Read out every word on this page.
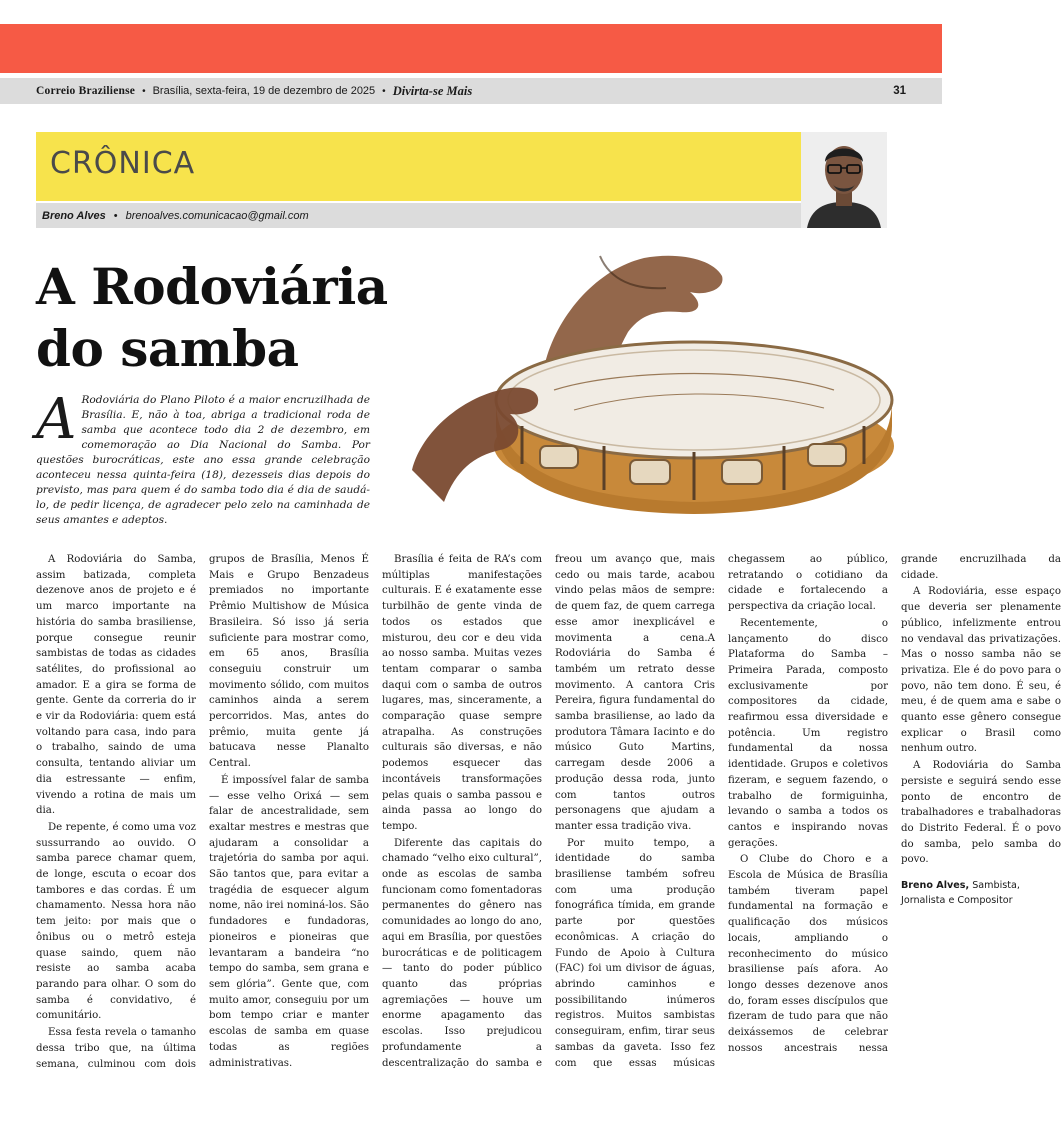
Correio Braziliense • Brasília, sexta-feira, 19 de dezembro de 2025 • Divirta-se Mais	31
CRÔNICA
Breno Alves • brenoalves.comunicacao@gmail.com
A Rodoviária do samba
A Rodoviária do Plano Piloto é a maior encruzilhada de Brasília. E, não à toa, abriga a tradicional roda de samba que acontece todo dia 2 de dezembro, em comemoração ao Dia Nacional do Samba. Por questões burocráticas, este ano essa grande celebração aconteceu nessa quinta-feira (18), dezesseis dias depois do previsto, mas para quem é do samba todo dia é dia de saudá-lo, de pedir licença, de agradecer pelo zelo na caminhada de seus amantes e adeptos.

A Rodoviária do Samba, assim batizada, completa dezenove anos de projeto e é um marco importante na história do samba brasiliense, porque consegue reunir sambistas de todas as cidades satélites, do profissional ao amador. E a gira se forma de gente. Gente da correria do ir e vir da Rodoviária: quem está voltando para casa, indo para o trabalho, saindo de uma consulta, tentando aliviar um dia estressante — enfim, vivendo a rotina de mais um dia.

De repente, é como uma voz sussurrando ao ouvido. O samba parece chamar quem, de longe, escuta o ecoar dos tambores e das cordas. É um chamamento. Nessa hora não tem jeito: por mais que o ônibus ou o metrô esteja quase saindo, quem não resiste ao samba acaba parando para olhar. O som do samba é convidativo, é comunitário.

Essa festa revela o tamanho dessa tribo que, na última semana, culminou com dois grupos de Brasília, Menos É Mais e Grupo Benzadeus premiados no importante Prêmio Multishow de Música Brasileira. Só isso já seria suficiente para mostrar como, em 65 anos, Brasília conseguiu construir um movimento sólido, com muitos caminhos ainda a serem percorridos. Mas, antes do prêmio, muita gente já batucava nesse Planalto Central.

É impossível falar de samba — esse velho Orixá — sem falar de ancestralidade, sem exaltar mestres e mestras que ajudaram a consolidar a trajetória do samba por aqui. São tantos que, para evitar a tragédia de esquecer algum nome, não irei nominá-los. São fundadores e fundadoras, pioneiros e pioneiras que levantaram a bandeira “no tempo do samba, sem grana e sem glória”. Gente que, com muito amor, conseguiu por um bom tempo criar e manter escolas de samba em quase todas as regiões administrativas.

Brasília é feita de RA’s com múltiplas manifestações culturais. E é exatamente esse turbilhão de gente vinda de todos os estados que misturou, deu cor e deu vida ao nosso samba. Muitas vezes tentam comparar o samba daqui com o samba de outros lugares, mas, sinceramente, a comparação quase sempre atrapalha. As construções culturais são diversas, e não podemos esquecer das incontáveis transformações pelas quais o samba passou e ainda passa ao longo do tempo.

Diferente das capitais do chamado “velho eixo cultural”, onde as escolas de samba funcionam como fomentadoras permanentes do gênero nas comunidades ao longo do ano, aqui em Brasília, por questões burocráticas e de politicagem — tanto do poder público quanto das próprias agremiações — houve um enorme apagamento das escolas. Isso prejudicou profundamente a descentralização do samba e freou um avanço que, mais cedo ou mais tarde, acabou vindo pelas mãos de sempre: de quem faz, de quem carrega esse amor inexplicável e movimenta a cena.A Rodoviária do Samba é também um retrato desse movimento. A cantora Cris Pereira, figura fundamental do samba brasiliense, ao lado da produtora Tâmara Iacinto e do músico Guto Martins, carregam desde 2006 a produção dessa roda, junto com tantos outros personagens que ajudam a manter essa tradição viva.

Por muito tempo, a identidade do samba brasiliense também sofreu com uma produção fonográfica tímida, em grande parte por questões econômicas. A criação do Fundo de Apoio à Cultura (FAC) foi um divisor de águas, abrindo caminhos e possibilitando inúmeros registros. Muitos sambistas conseguiram, enfim, tirar seus sambas da gaveta. Isso fez com que essas músicas chegassem ao público, retratando o cotidiano da cidade e fortalecendo a perspectiva da criação local.

Recentemente, o lançamento do disco Plataforma do Samba – Primeira Parada, composto exclusivamente por compositores da cidade, reafirmou essa diversidade e potência. Um registro fundamental da nossa identidade. Grupos e coletivos fizeram, e seguem fazendo, o trabalho de formiguinha, levando o samba a todos os cantos e inspirando novas gerações.

O Clube do Choro e a Escola de Música de Brasília também tiveram papel fundamental na formação e qualificação dos músicos locais, ampliando o reconhecimento do músico brasiliense país afora. Ao longo desses dezenove anos do, foram esses discípulos que fizeram de tudo para que não deixássemos de celebrar nossos ancestrais nessa grande encruzilhada da cidade.

A Rodoviária, esse espaço que deveria ser plenamente público, infelizmente entrou no vendaval das privatizações. Mas o nosso samba não se privatiza. Ele é do povo para o povo, não tem dono. É seu, é meu, é de quem ama e sabe o quanto esse gênero consegue explicar o Brasil como nenhum outro.

A Rodoviária do Samba persiste e seguirá sendo esse ponto de encontro de trabalhadores e trabalhadoras do Distrito Federal. É o povo do samba, pelo samba do povo.

Breno Alves, Sambista, Jornalista e Compositor
